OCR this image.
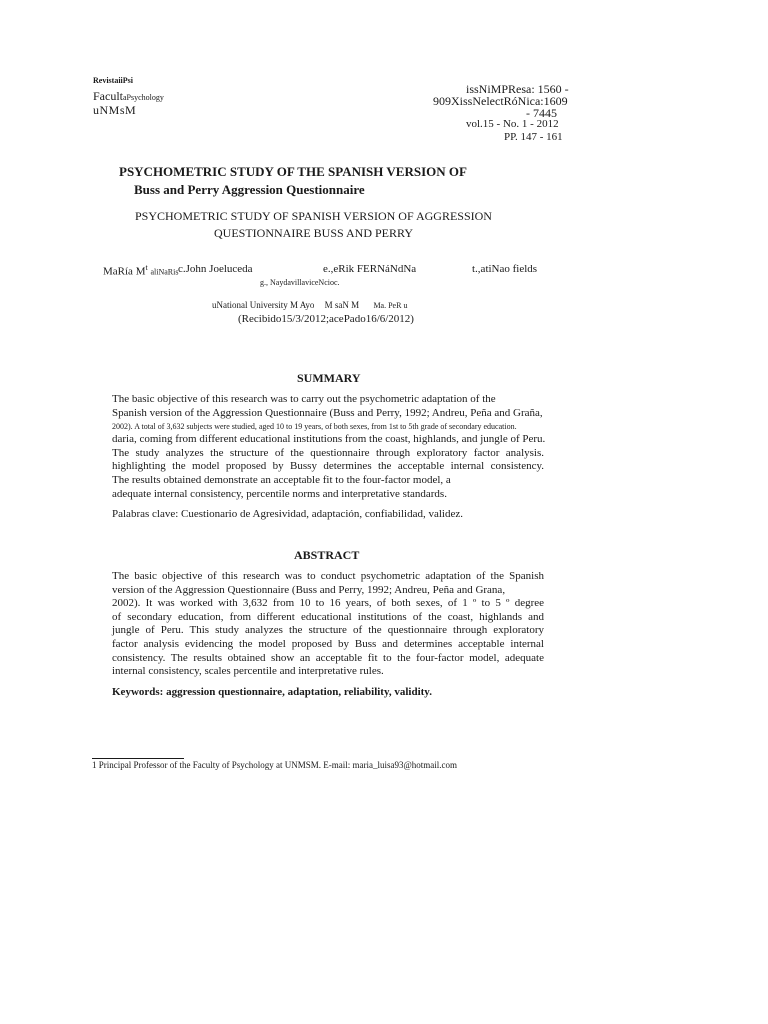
RevistaiiPsi
FacultaPsychology
uNMsM
issNiMPResa: 1560 -
909XissNelectRóNica:1609
- 7445
vol.15 - No. 1 - 2012
PP. 147 - 161
PSYCHOMETRIC STUDY OF THE SPANISH VERSION OF
Buss and Perry Aggression Questionnaire
PSYCHOMETRIC STUDY OF SPANISH VERSION OF AGGRESSION
QUESTIONNAIRE BUSS AND PERRY
MaRía $M^t$ aliNaRis c.John Joeluceda	e.,eRik FERNáNdNa	t.,atiNao fields
g., NaydavillaviceNcioc.
uNational University M Ayo M saN M Ma. PeR u
(Recibido15/3/2012;acePado16/6/2012)
SUMMARY
The basic objective of this research was to carry out the psychometric adaptation of the
Spanish version of the Aggression Questionnaire (Buss and Perry, 1992; Andreu, Peña and Graña,
2002). A total of 3,632 subjects were studied, aged 10 to 19 years, of both sexes, from 1st to 5th grade of secondary education.
daria, coming from different educational institutions from the coast, highlands, and jungle of Peru.
The study analyzes the structure of the questionnaire through exploratory factor analysis.
highlighting the model proposed by Bussy determines the acceptable internal consistency.
The results obtained demonstrate an acceptable fit to the four-factor model, a
adequate internal consistency, percentile norms and interpretative standards.
Palabras clave: Cuestionario de Agresividad, adaptación, confiabilidad, validez.
ABSTRACT
The basic objective of this research was to conduct psychometric adaptation of the Spanish
version of the Aggression Questionnaire (Buss and Perry, 1992; Andreu, Peña and Grana,
2002). It was worked with 3,632 from 10 to 16 years, of both sexes, of 1 º to 5 º degree
of secondary education, from different educational institutions of the coast, highlands and
jungle of Peru. This study analyzes the structure of the questionnaire through exploratory
factor analysis evidencing the model proposed by Buss and determines acceptable internal
consistency. The results obtained show an acceptable fit to the four-factor model, adequate
internal consistency, scales percentile and interpretative rules.
Keywords: aggression questionnaire, adaptation, reliability, validity.
1 Principal Professor of the Faculty of Psychology at UNMSM. E-mail: maria_luisa93@hotmail.com
